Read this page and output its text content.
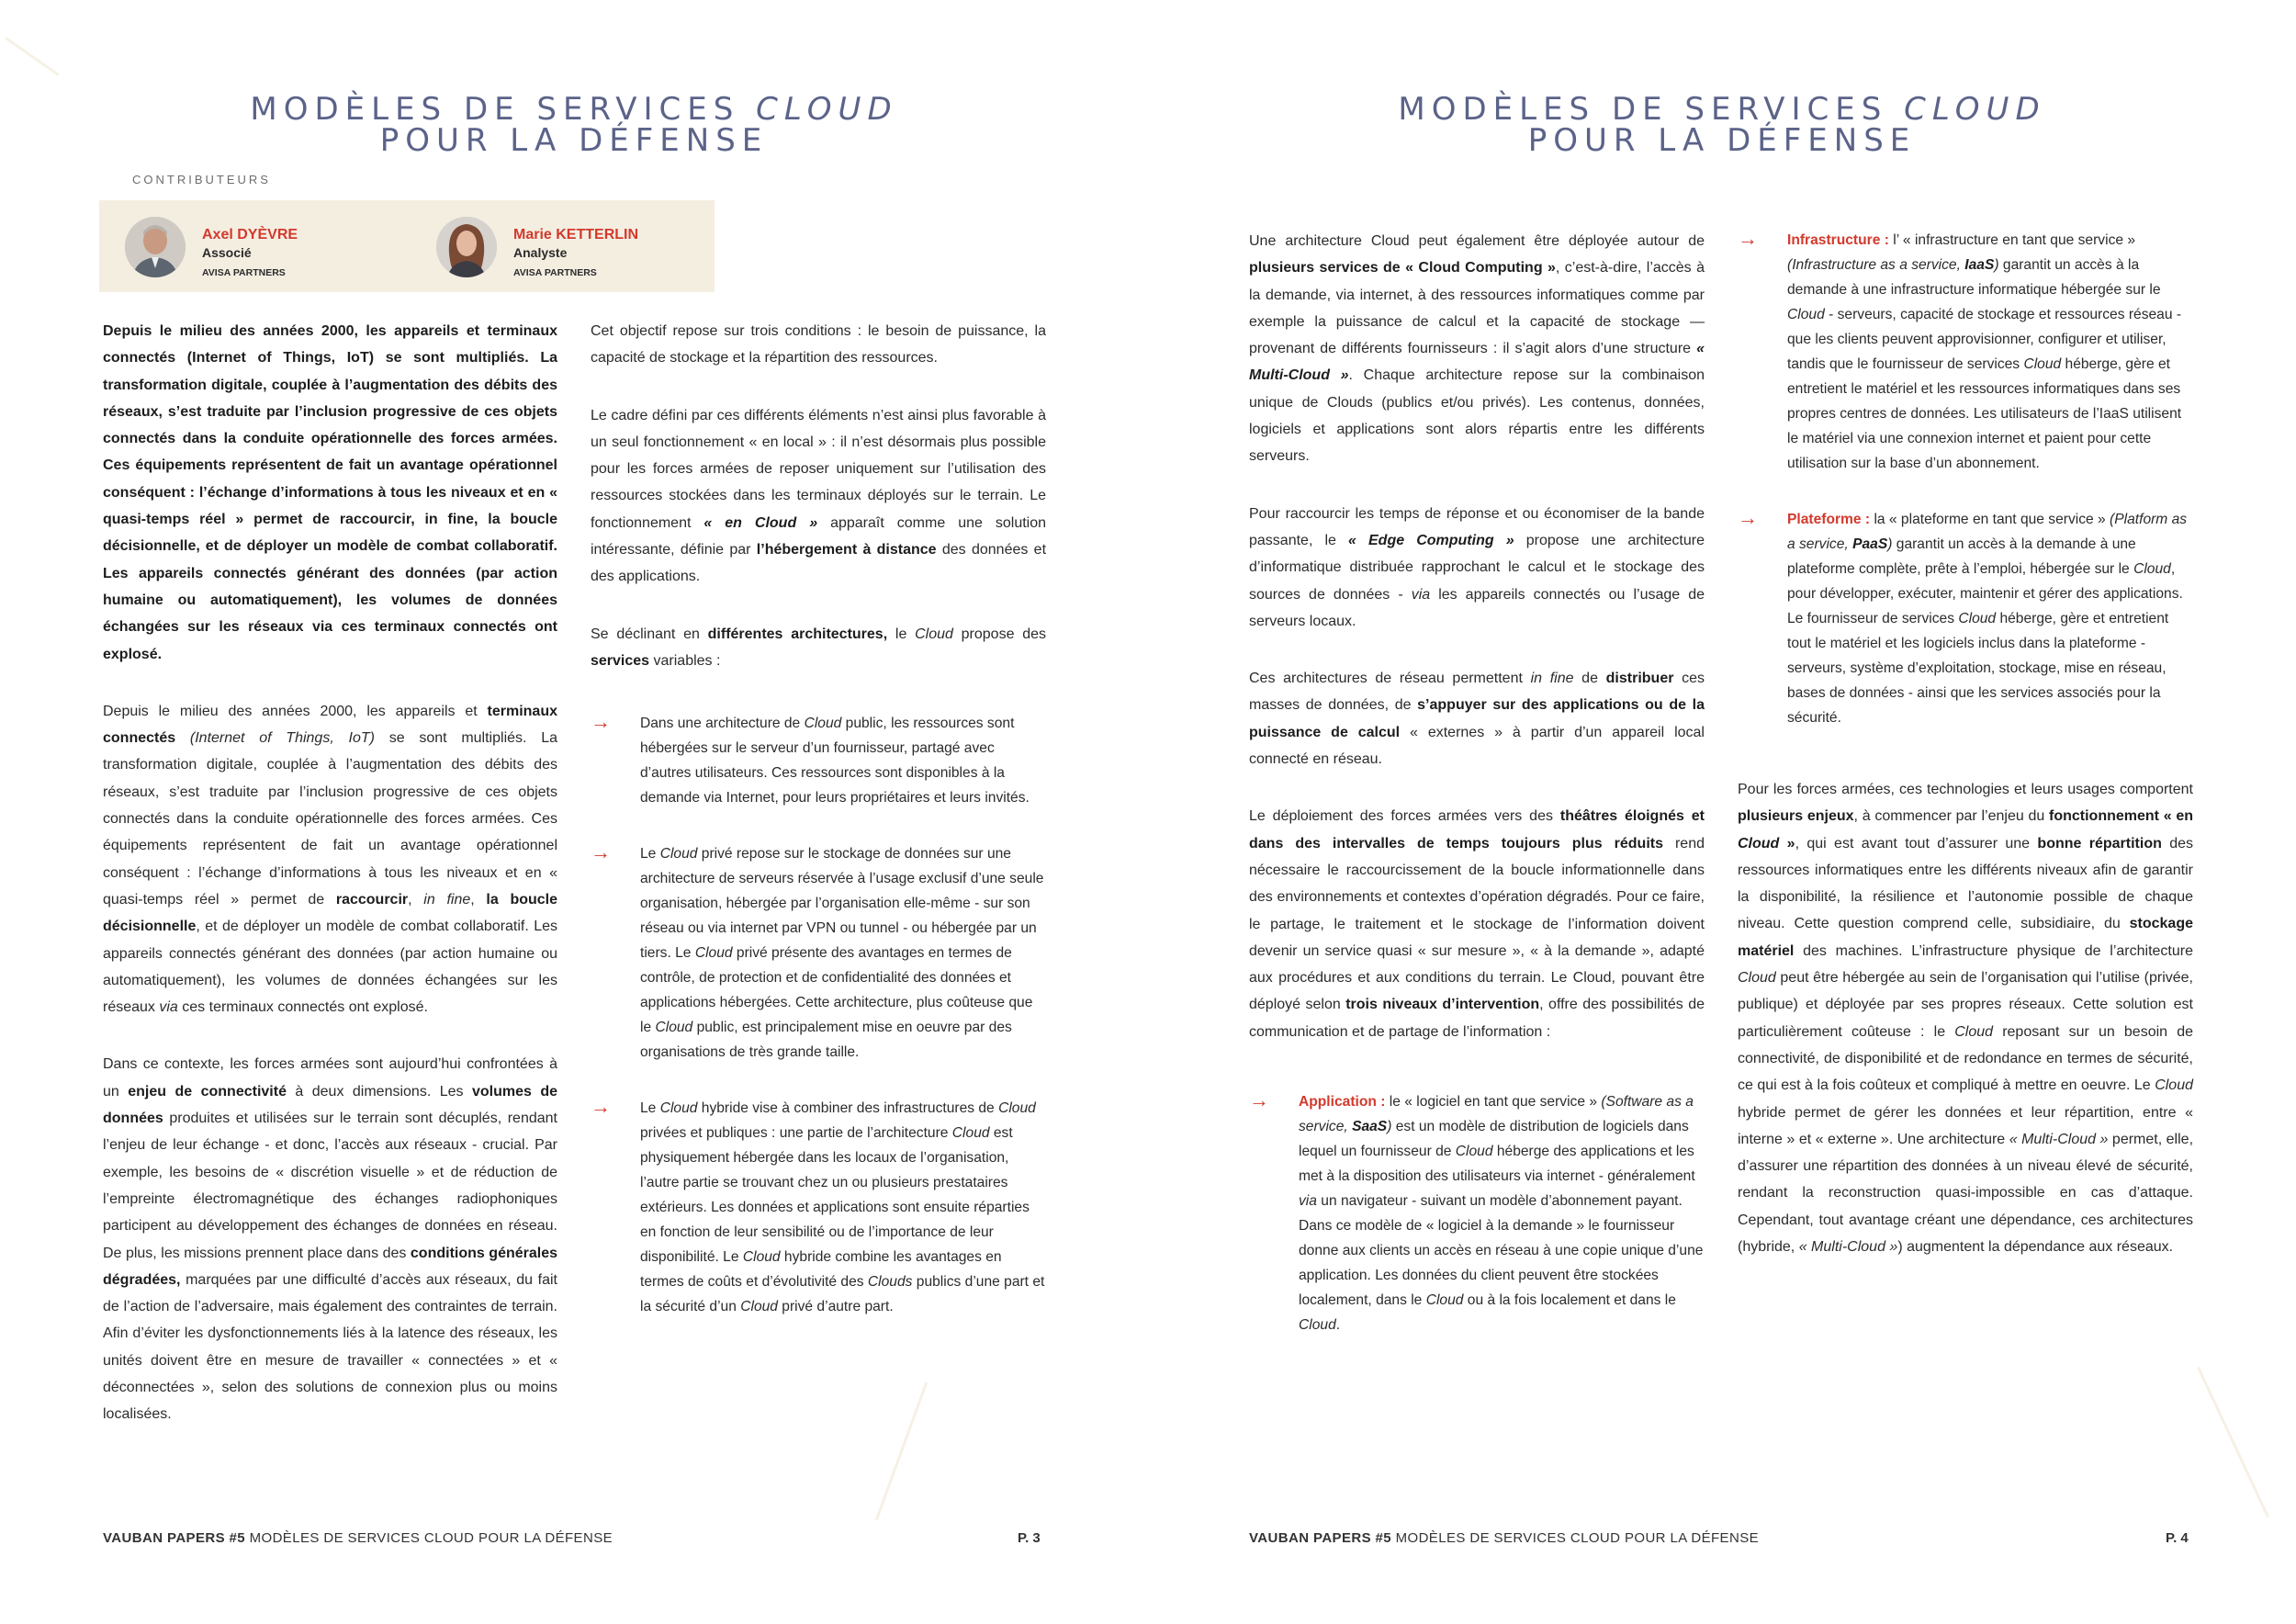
MODÈLES DE SERVICES CLOUD
POUR LA DÉFENSE
CONTRIBUTEURS
Axel DYÈVRE
Associé
AVISA PARTNERS
Marie KETTERLIN
Analyste
AVISA PARTNERS

Depuis le milieu des années 2000, les appareils et terminaux connectés (Internet of Things, IoT) se sont multipliés. La transformation digitale, couplée à l’augmentation des débits des réseaux, s’est traduite par l’inclusion progressive de ces objets connectés dans la conduite opérationnelle des forces armées. Ces équipements représentent de fait un avantage opérationnel conséquent : l’échange d’informations à tous les niveaux et en « quasi-temps réel » permet de raccourcir, in fine, la boucle décisionnelle, et de déployer un modèle de combat collaboratif. Les appareils connectés générant des données (par action humaine ou automatiquement), les volumes de données échangées sur les réseaux via ces terminaux connectés ont explosé.

Depuis le milieu des années 2000, les appareils et terminaux connectés (Internet of Things, IoT) se sont multipliés. La transformation digitale, couplée à l’augmentation des débits des réseaux, s’est traduite par l’inclusion progressive de ces objets connectés dans la conduite opérationnelle des forces armées. Ces équipements représentent de fait un avantage opérationnel conséquent : l’échange d’informations à tous les niveaux et en « quasi-temps réel » permet de raccourcir, in fine, la boucle décisionnelle, et de déployer un modèle de combat collaboratif. Les appareils connectés générant des données (par action humaine ou automatiquement), les volumes de données échangées sur les réseaux via ces terminaux connectés ont explosé.

Dans ce contexte, les forces armées sont aujourd’hui confrontées à un enjeu de connectivité à deux dimensions. Les volumes de données produites et utilisées sur le terrain sont décuplés, rendant l’enjeu de leur échange - et donc, l’accès aux réseaux - crucial. Par exemple, les besoins de « discrétion visuelle » et de réduction de l’empreinte électromagnétique des échanges radiophoniques participent au développement des échanges de données en réseau. De plus, les missions prennent place dans des conditions générales dégradées, marquées par une difficulté d’accès aux réseaux, du fait de l’action de l’adversaire, mais également des contraintes de terrain. Afin d’éviter les dysfonctionnements liés à la latence des réseaux, les unités doivent être en mesure de travailler « connectées » et « déconnectées », selon des solutions de connexion plus ou moins localisées.

Cet objectif repose sur trois conditions : le besoin de puissance, la capacité de stockage et la répartition des ressources.

Le cadre défini par ces différents éléments n’est ainsi plus favorable à un seul fonctionnement « en local » : il n’est désormais plus possible pour les forces armées de reposer uniquement sur l’utilisation des ressources stockées dans les terminaux déployés sur le terrain. Le fonctionnement « en Cloud » apparaît comme une solution intéressante, définie par l’hébergement à distance des données et des applications.

Se déclinant en différentes architectures, le Cloud propose des services variables :

→ Dans une architecture de Cloud public, les ressources sont hébergées sur le serveur d’un fournisseur, partagé avec d’autres utilisateurs. Ces ressources sont disponibles à la demande via Internet, pour leurs propriétaires et leurs invités.
→ Le Cloud privé repose sur le stockage de données sur une architecture de serveurs réservée à l’usage exclusif d’une seule organisation, hébergée par l’organisation elle-même - sur son réseau ou via internet par VPN ou tunnel - ou hébergée par un tiers. Le Cloud privé présente des avantages en termes de contrôle, de protection et de confidentialité des données et applications hébergées. Cette architecture, plus coûteuse que le Cloud public, est principalement mise en oeuvre par des organisations de très grande taille.
→ Le Cloud hybride vise à combiner des infrastructures de Cloud privées et publiques : une partie de l’architecture Cloud est physiquement hébergée dans les locaux de l’organisation, l’autre partie se trouvant chez un ou plusieurs prestataires extérieurs. Les données et applications sont ensuite réparties en fonction de leur sensibilité ou de l’importance de leur disponibilité. Le Cloud hybride combine les avantages en termes de coûts et d’évolutivité des Clouds publics d’une part et la sécurité d’un Cloud privé d’autre part.
VAUBAN PAPERS #5 MODÈLES DE SERVICES CLOUD POUR LA DÉFENSE	P. 3
MODÈLES DE SERVICES CLOUD
POUR LA DÉFENSE

Une architecture Cloud peut également être déployée autour de plusieurs services de « Cloud Computing », c’est-à-dire, l’accès à la demande, via internet, à des ressources informatiques comme par exemple la puissance de calcul et la capacité de stockage — provenant de différents fournisseurs : il s’agit alors d’une structure « Multi-Cloud ». Chaque architecture repose sur la combinaison unique de Clouds (publics et/ou privés). Les contenus, données, logiciels et applications sont alors répartis entre les différents serveurs.

Pour raccourcir les temps de réponse et ou économiser de la bande passante, le « Edge Computing » propose une architecture d’informatique distribuée rapprochant le calcul et le stockage des sources de données - via les appareils connectés ou l’usage de serveurs locaux.

Ces architectures de réseau permettent in fine de distribuer ces masses de données, de s’appuyer sur des applications ou de la puissance de calcul « externes » à partir d’un appareil local connecté en réseau.

Le déploiement des forces armées vers des théâtres éloignés et dans des intervalles de temps toujours plus réduits rend nécessaire le raccourcissement de la boucle informationnelle dans des environnements et contextes d’opération dégradés. Pour ce faire, le partage, le traitement et le stockage de l’information doivent devenir un service quasi « sur mesure », « à la demande », adapté aux procédures et aux conditions du terrain. Le Cloud, pouvant être déployé selon trois niveaux d’intervention, offre des possibilités de communication et de partage de l’information :

→ Application : le « logiciel en tant que service » (Software as a service, SaaS) est un modèle de distribution de logiciels dans lequel un fournisseur de Cloud héberge des applications et les met à la disposition des utilisateurs via internet - généralement via un navigateur - suivant un modèle d’abonnement payant. Dans ce modèle de « logiciel à la demande » le fournisseur donne aux clients un accès en réseau à une copie unique d’une application. Les données du client peuvent être stockées localement, dans le Cloud ou à la fois localement et dans le Cloud.
→ Infrastructure : l’ « infrastructure en tant que service » (Infrastructure as a service, IaaS) garantit un accès à la demande à une infrastructure informatique hébergée sur le Cloud - serveurs, capacité de stockage et ressources réseau - que les clients peuvent approvisionner, configurer et utiliser, tandis que le fournisseur de services Cloud héberge, gère et entretient le matériel et les ressources informatiques dans ses propres centres de données. Les utilisateurs de l’IaaS utilisent le matériel via une connexion internet et paient pour cette utilisation sur la base d’un abonnement.
→ Plateforme : la « plateforme en tant que service » (Platform as a service, PaaS) garantit un accès à la demande à une plateforme complète, prête à l’emploi, hébergée sur le Cloud, pour développer, exécuter, maintenir et gérer des applications. Le fournisseur de services Cloud héberge, gère et entretient tout le matériel et les logiciels inclus dans la plateforme - serveurs, système d’exploitation, stockage, mise en réseau, bases de données - ainsi que les services associés pour la sécurité.

Pour les forces armées, ces technologies et leurs usages comportent plusieurs enjeux, à commencer par l’enjeu du fonctionnement « en Cloud », qui est avant tout d’assurer une bonne répartition des ressources informatiques entre les différents niveaux afin de garantir la disponibilité, la résilience et l’autonomie possible de chaque niveau. Cette question comprend celle, subsidiaire, du stockage matériel des machines. L’infrastructure physique de l’architecture Cloud peut être hébergée au sein de l’organisation qui l’utilise (privée, publique) et déployée par ses propres réseaux. Cette solution est particulièrement coûteuse : le Cloud reposant sur un besoin de connectivité, de disponibilité et de redondance en termes de sécurité, ce qui est à la fois coûteux et compliqué à mettre en oeuvre. Le Cloud hybride permet de gérer les données et leur répartition, entre « interne » et « externe ». Une architecture « Multi-Cloud » permet, elle, d’assurer une répartition des données à un niveau élevé de sécurité, rendant la reconstruction quasi-impossible en cas d’attaque. Cependant, tout avantage créant une dépendance, ces architectures (hybride, « Multi-Cloud ») augmentent la dépendance aux réseaux.

VAUBAN PAPERS #5 MODÈLES DE SERVICES CLOUD POUR LA DÉFENSE	P. 4
